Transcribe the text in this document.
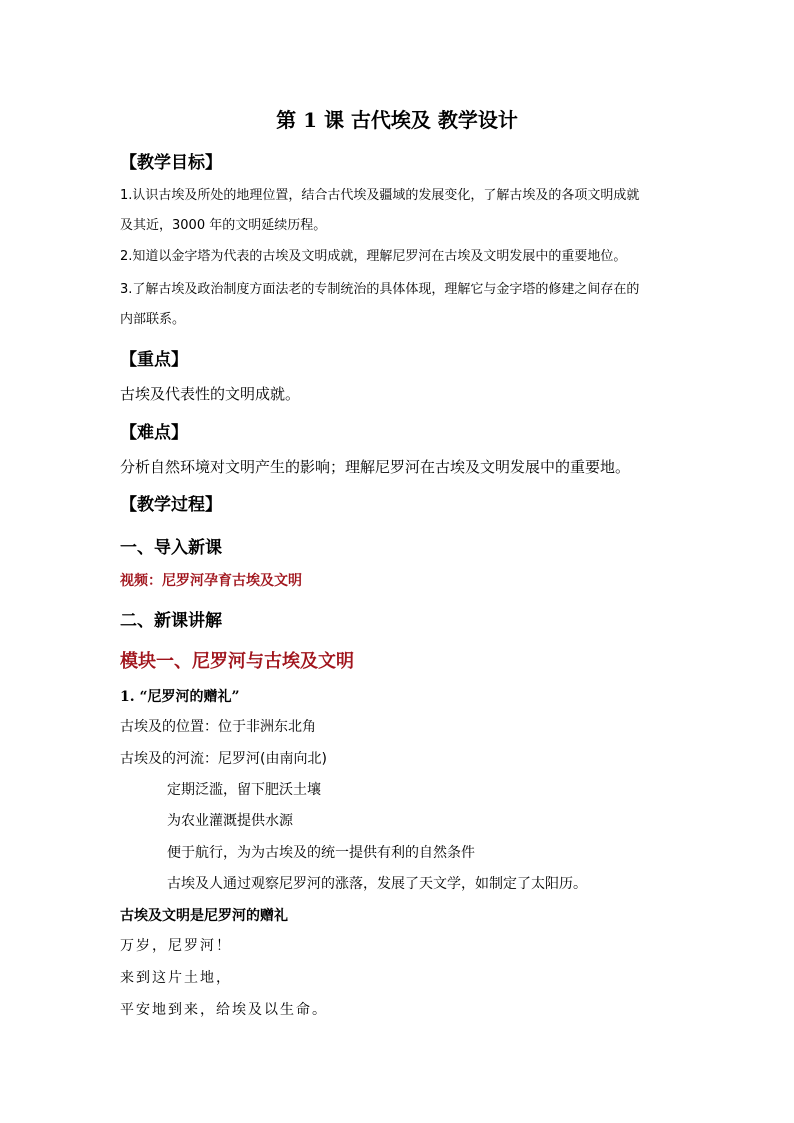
第 1 课 古代埃及 教学设计
【教学目标】
1.认识古埃及所处的地理位置，结合古代埃及疆域的发展变化，了解古埃及的各项文明成就
及其近，3000 年的文明延续历程。
2.知道以金字塔为代表的古埃及文明成就，理解尼罗河在古埃及文明发展中的重要地位。
3.了解古埃及政治制度方面法老的专制统治的具体体现，理解它与金字塔的修建之间存在的
内部联系。
【重点】
古埃及代表性的文明成就。
【难点】
分析自然环境对文明产生的影响；理解尼罗河在古埃及文明发展中的重要地。
【教学过程】
一、导入新课
视频：尼罗河孕育古埃及文明
二、新课讲解
模块一、尼罗河与古埃及文明
1. “尼罗河的赠礼”
古埃及的位置：位于非洲东北角
古埃及的河流：尼罗河(由南向北)
定期泛滥，留下肥沃土壤
为农业灌溉提供水源
便于航行，为为古埃及的统一提供有利的自然条件
古埃及人通过观察尼罗河的涨落，发展了天文学，如制定了太阳历。
古埃及文明是尼罗河的赠礼
万岁，尼罗河！
来到这片土地，
平安地到来，给埃及以生命。
